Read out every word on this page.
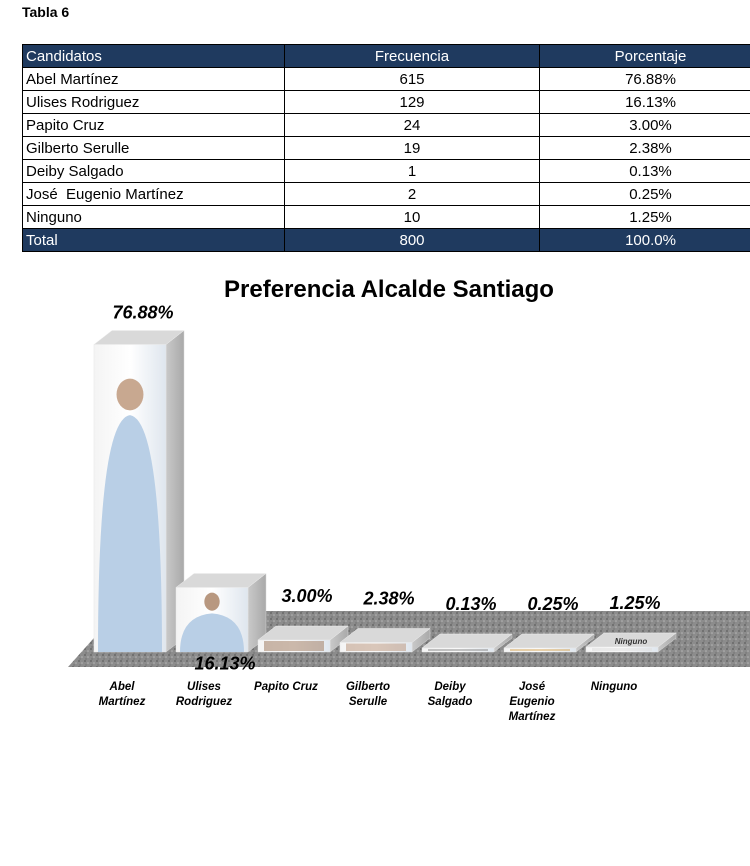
Tabla 6
Candidatos	Frecuencia	Porcentaje
Abel Martínez	615	76.88%
Ulises Rodriguez	129	16.13%
Papito Cruz	24	3.00%
Gilberto Serulle	19	2.38%
Deiby Salgado	1	0.13%
José  Eugenio Martínez	2	0.25%
Ninguno	10	1.25%
Total	800	100.0%
Preferencia Alcalde Santiago
Ninguno
76.88%
Abel Martínez
16.13%
Ulises Rodriguez
3.00%
Papito Cruz
2.38%
Gilberto Serulle
0.13%
Deiby Salgado
0.25%
José Eugenio Martínez
1.25%
Ninguno
